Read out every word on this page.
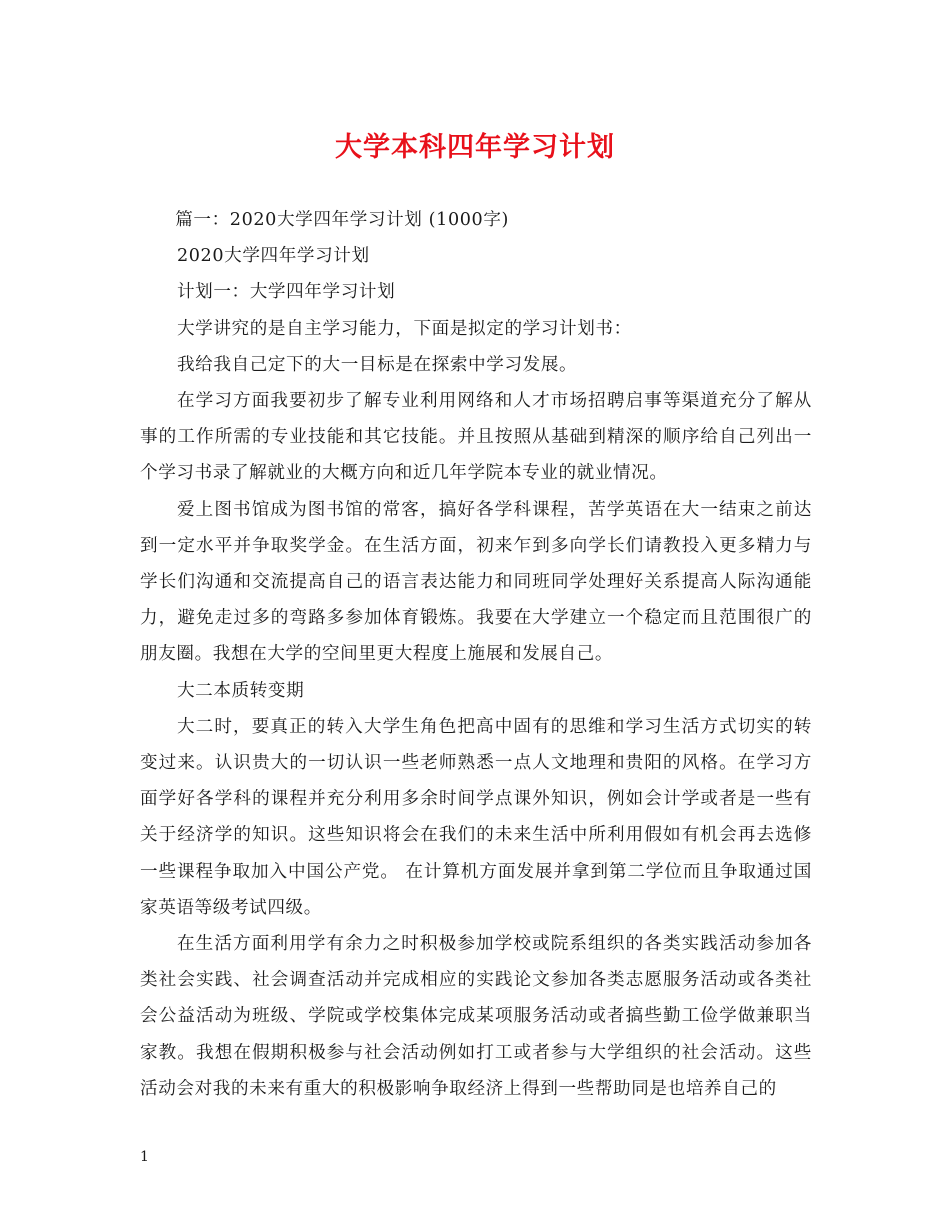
大学本科四年学习计划

篇一：2020大学四年学习计划 (1000字)

2020大学四年学习计划

计划一：大学四年学习计划

大学讲究的是自主学习能力，下面是拟定的学习计划书：

我给我自己定下的大一目标是在探索中学习发展。

在学习方面我要初步了解专业利用网络和人才市场招聘启事等渠道充分了解从事的工作所需的专业技能和其它技能。并且按照从基础到精深的顺序给自己列出一个学习书录了解就业的大概方向和近几年学院本专业的就业情况。

爱上图书馆成为图书馆的常客，搞好各学科课程，苦学英语在大一结束之前达到一定水平并争取奖学金。在生活方面，初来乍到多向学长们请教投入更多精力与学长们沟通和交流提高自己的语言表达能力和同班同学处理好关系提高人际沟通能力，避免走过多的弯路多参加体育锻炼。我要在大学建立一个稳定而且范围很广的朋友圈。我想在大学的空间里更大程度上施展和发展自己。

大二本质转变期

大二时，要真正的转入大学生角色把高中固有的思维和学习生活方式切实的转变过来。认识贵大的一切认识一些老师熟悉一点人文地理和贵阳的风格。在学习方面学好各学科的课程并充分利用多余时间学点课外知识，例如会计学或者是一些有关于经济学的知识。这些知识将会在我们的未来生活中所利用假如有机会再去选修一些课程争取加入中国公产党。 在计算机方面发展并拿到第二学位而且争取通过国家英语等级考试四级。

在生活方面利用学有余力之时积极参加学校或院系组织的各类实践活动参加各类社会实践、社会调查活动并完成相应的实践论文参加各类志愿服务活动或各类社会公益活动为班级、学院或学校集体完成某项服务活动或者搞些勤工俭学做兼职当家教。我想在假期积极参与社会活动例如打工或者参与大学组织的社会活动。这些活动会对我的未来有重大的积极影响争取经济上得到一些帮助同是也培养自己的

1
